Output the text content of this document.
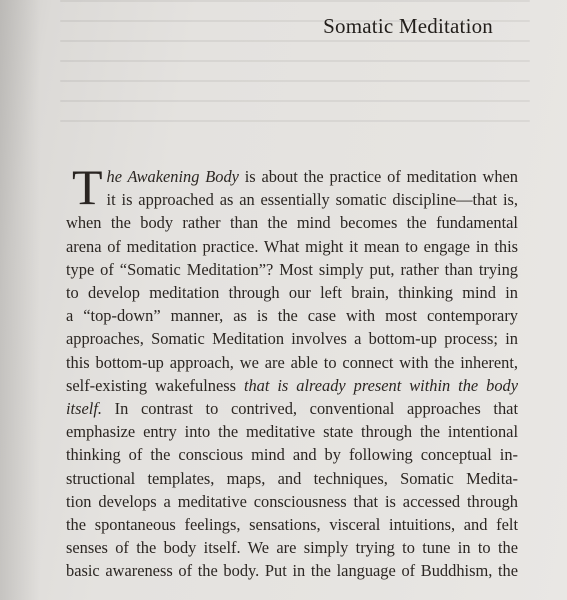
Somatic Meditation
T he Awakening Body is about the practice of meditation when
it is approached as an essentially somatic discipline—that is,
when the body rather than the mind becomes the fundamental
arena of meditation practice. What might it mean to engage in this
type of “Somatic Meditation”? Most simply put, rather than trying
to develop meditation through our left brain, thinking mind in
a “top-down” manner, as is the case with most contemporary
approaches, Somatic Meditation involves a bottom-up process; in
this bottom-up approach, we are able to connect with the inherent,
self-existing wakefulness that is already present within the body
itself. In contrast to contrived, conventional approaches that
emphasize entry into the meditative state through the intentional
thinking of the conscious mind and by following conceptual in-
structional templates, maps, and techniques, Somatic Medita-
tion develops a meditative consciousness that is accessed through
the spontaneous feelings, sensations, visceral intuitions, and felt
senses of the body itself. We are simply trying to tune in to the
basic awareness of the body. Put in the language of Buddhism, the
